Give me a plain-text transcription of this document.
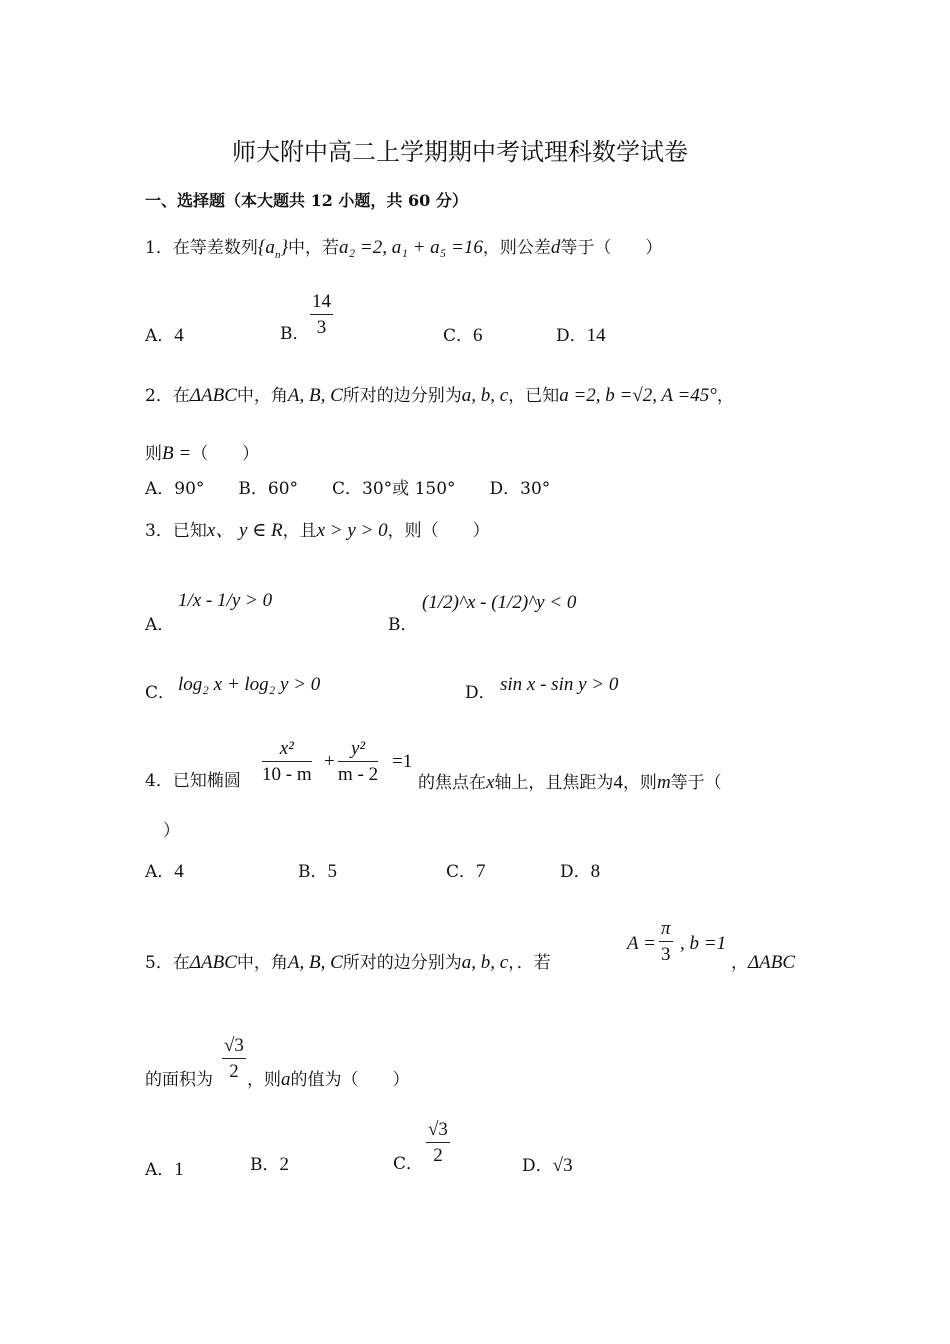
师大附中高二上学期期中考试理科数学试卷
一、选择题（本大题共 12 小题，共 60 分）
1．在等差数列$\{a_n\}$中，若a₂ =2, a₁ + a₅ =16，则公差d等于（　　）
A．4	B． $\frac{14}{3}$	C．6	D．14
2．在ΔABC中，角A, B, C所对的边分别为a, b, c，已知a =2, b =√2, A =45°，
则B =（　　）
A．90°　　B．60°　　C．30°或 150°　　D．30°
3．已知x、 y ∈ R，且x > y > 0，则（　　）
A．
1/x - 1/y > 0
B．
(1/2)^x - (1/2)^y < 0
C． log₂ x + log₂ y > 0	D． sin x - sin y > 0
4．已知椭圆 $\frac{\text{x²}}{10 - m} + \frac{\text{y²}}{m - 2} =1$
的焦点在x轴上，且焦距为4，则m等于（
）
A．4	B．5	C．7	D．8
5．在ΔABC中，角A, B, C所对的边分别为a, b, c，．若
$A = \frac{\pi}{3}$ , b =1
，ΔABC
$\frac{√3}{2}$
的面积为 ，则a的值为（　　）
A．1	B．2	C． $\frac{√3}{2}$
D．√3
